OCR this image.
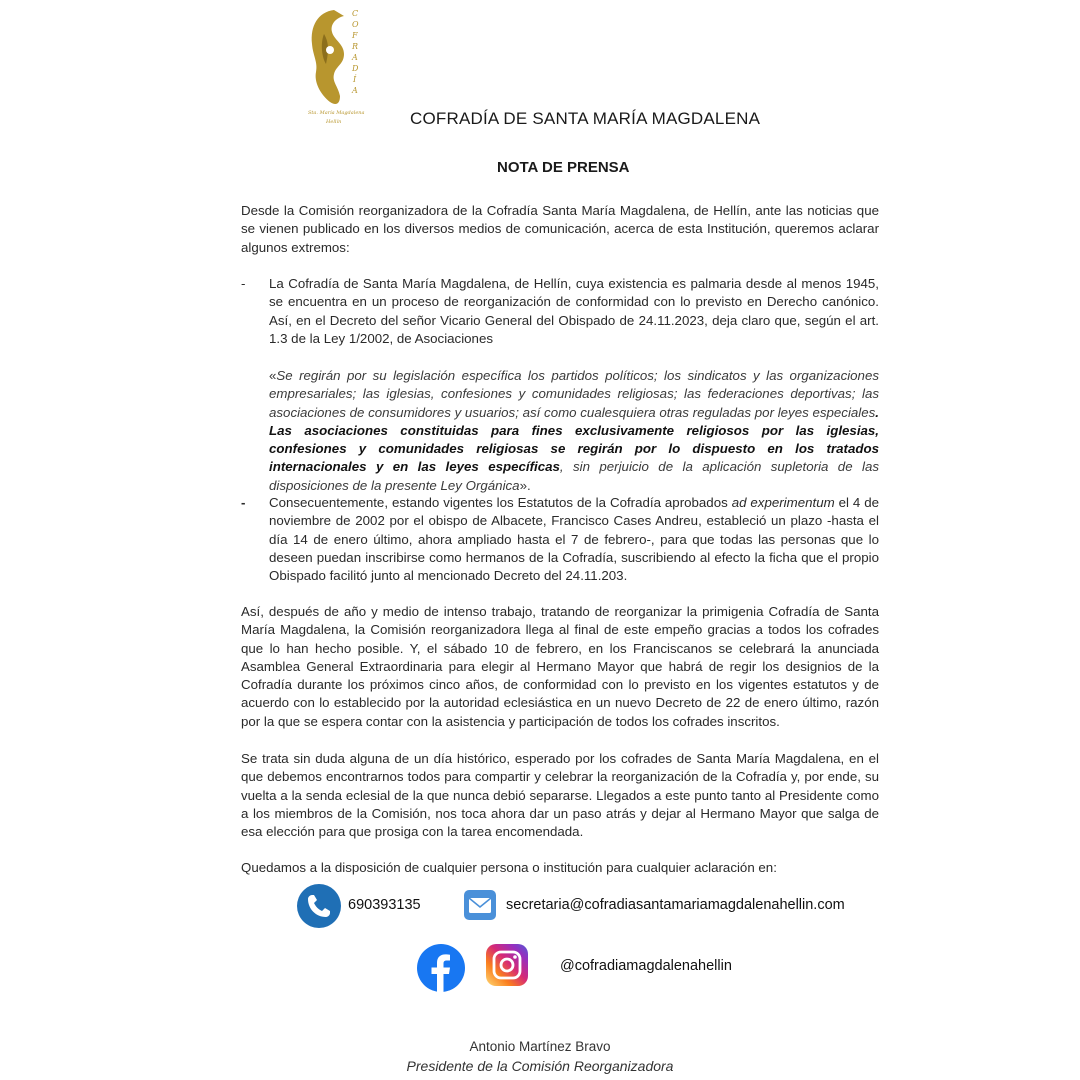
C
O
F
R
A
D
Í
A
Sta. María Magdalena
Hellín	COFRADÍA DE SANTA MARÍA MAGDALENA
NOTA DE PRENSA
Desde la Comisión reorganizadora de la Cofradía Santa María Magdalena, de Hellín, ante las noticias que se vienen publicado en los diversos medios de comunicación, acerca de esta Institución, queremos aclarar algunos extremos:
- La Cofradía de Santa María Magdalena, de Hellín, cuya existencia es palmaria desde al menos 1945, se encuentra en un proceso de reorganización de conformidad con lo previsto en Derecho canónico. Así, en el Decreto del señor Vicario General del Obispado de 24.11.2023, deja claro que, según el art. 1.3 de la Ley 1/2002, de Asociaciones
«Se regirán por su legislación específica los partidos políticos; los sindicatos y las organizaciones empresariales; las iglesias, confesiones y comunidades religiosas; las federaciones deportivas; las asociaciones de consumidores y usuarios; así como cualesquiera otras reguladas por leyes especiales. Las asociaciones constituidas para fines exclusivamente religiosos por las iglesias, confesiones y comunidades religiosas se regirán por lo dispuesto en los tratados internacionales y en las leyes específicas, sin perjuicio de la aplicación supletoria de las disposiciones de la presente Ley Orgánica».
- Consecuentemente, estando vigentes los Estatutos de la Cofradía aprobados ad experimentum el 4 de noviembre de 2002 por el obispo de Albacete, Francisco Cases Andreu, estableció un plazo -hasta el día 14 de enero último, ahora ampliado hasta el 7 de febrero-, para que todas las personas que lo deseen puedan inscribirse como hermanos de la Cofradía, suscribiendo al efecto la ficha que el propio Obispado facilitó junto al mencionado Decreto del 24.11.203.
Así, después de año y medio de intenso trabajo, tratando de reorganizar la primigenia Cofradía de Santa María Magdalena, la Comisión reorganizadora llega al final de este empeño gracias a todos los cofrades que lo han hecho posible. Y, el sábado 10 de febrero, en los Franciscanos se celebrará la anunciada Asamblea General Extraordinaria para elegir al Hermano Mayor que habrá de regir los designios de la Cofradía durante los próximos cinco años, de conformidad con lo previsto en los vigentes estatutos y de acuerdo con lo establecido por la autoridad eclesiástica en un nuevo Decreto de 22 de enero último, razón por la que se espera contar con la asistencia y participación de todos los cofrades inscritos.
Se trata sin duda alguna de un día histórico, esperado por los cofrades de Santa María Magdalena, en el que debemos encontrarnos todos para compartir y celebrar la reorganización de la Cofradía y, por ende, su vuelta a la senda eclesial de la que nunca debió separarse. Llegados a este punto tanto al Presidente como a los miembros de la Comisión, nos toca ahora dar un paso atrás y dejar al Hermano Mayor que salga de esa elección para que prosiga con la tarea encomendada.
Quedamos a la disposición de cualquier persona o institución para cualquier aclaración en:
690393135	secretaria@cofradiasantamariamagdalenahellin.com
@cofradiamagdalenahellin
Antonio Martínez Bravo
Presidente de la Comisión Reorganizadora
